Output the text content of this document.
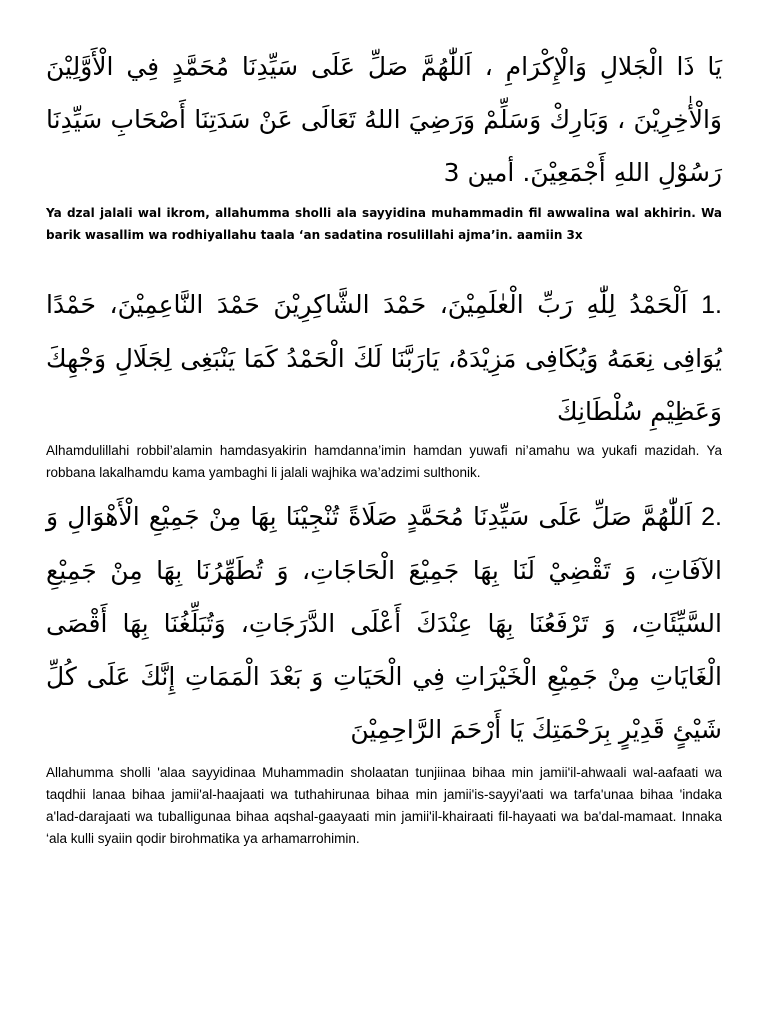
يَا ذَا الْجَلالِ وَالْإِكْرَامِ ، اَللّٰهُمَّ صَلِّ عَلَى سَيِّدِنَا مُحَمَّدٍ فِي الْأَوَّلِيْنَ وَالْأٰخِرِيْنَ ، وَبَارِكْ وَسَلِّمْ وَرَضِيَ اللهُ تَعَالَى عَنْ سَدَتِنَا أَصْحَابِ سَيِّدِنَا رَسُوْلِ اللهِ أَجْمَعِيْنَ. أمين 3
Ya dzal jalali wal ikrom, allahumma sholli ala sayyidina muhammadin fil awwalina wal akhirin. Wa barik wasallim wa rodhiyallahu taala ‘an sadatina rosulillahi ajma’in. aamiin 3x
1. اَلْحَمْدُ لِلّٰهِ رَبِّ الْعٰلَمِيْنَ، حَمْدَ الشَّاكِرِيْنَ حَمْدَ النَّاعِمِيْنَ، حَمْدًا يُوَافِى نِعَمَهُ وَيُكَافِى مَزِيْدَهُ، يَارَبَّنَا لَكَ الْحَمْدُ كَمَا يَنْبَغِى لِجَلَالِ وَجْهِكَ وَعَظِيْمِ سُلْطَانِكَ
Alhamdulillahi robbil’alamin hamdasyakirin hamdanna’imin hamdan yuwafi ni’amahu wa yukafi mazidah. Ya robbana lakalhamdu kama yambaghi li jalali wajhika wa’adzimi sulthonik.
2. اَللّٰهُمَّ صَلِّ عَلَى سَيِّدِنَا مُحَمَّدٍ صَلَاةً تُنْجِيْنَا بِهَا مِنْ جَمِيْعِ الْأَهْوَالِ وَ الآفَاتِ، وَ تَقْضِيْ لَنَا بِهَا جَمِيْعَ الْحَاجَاتِ، وَ تُطَهِّرُنَا بِهَا مِنْ جَمِيْعِ السَّيِّئَاتِ، وَ تَرْفَعُنَا بِهَا عِنْدَكَ أَعْلَى الدَّرَجَاتِ، وَتُبَلِّغُنَا بِهَا أَقْصَى الْغَايَاتِ مِنْ جَمِيْعِ الْخَيْرَاتِ فِي الْحَيَاتِ وَ بَعْدَ الْمَمَاتِ إِنَّكَ عَلَى كُلِّ شَيْئٍ قَدِيْرٍ بِرَحْمَتِكَ يَا أَرْحَمَ الرَّاحِمِيْنَ
Allahumma sholli 'alaa sayyidinaa Muhammadin sholaatan tunjiinaa bihaa min jamii'il-ahwaali wal-aafaati wa taqdhii lanaa bihaa jamii'al-haajaati wa tuthahirunaa bihaa min jamii'is-sayyi'aati wa tarfa'unaa bihaa 'indaka a'lad-darajaati wa tuballigunaa bihaa aqshal-gaayaati min jamii'il-khairaati fil-hayaati wa ba'dal-mamaat. Innaka ‘ala kulli syaiin qodir birohmatika ya arhamarrohimin.
